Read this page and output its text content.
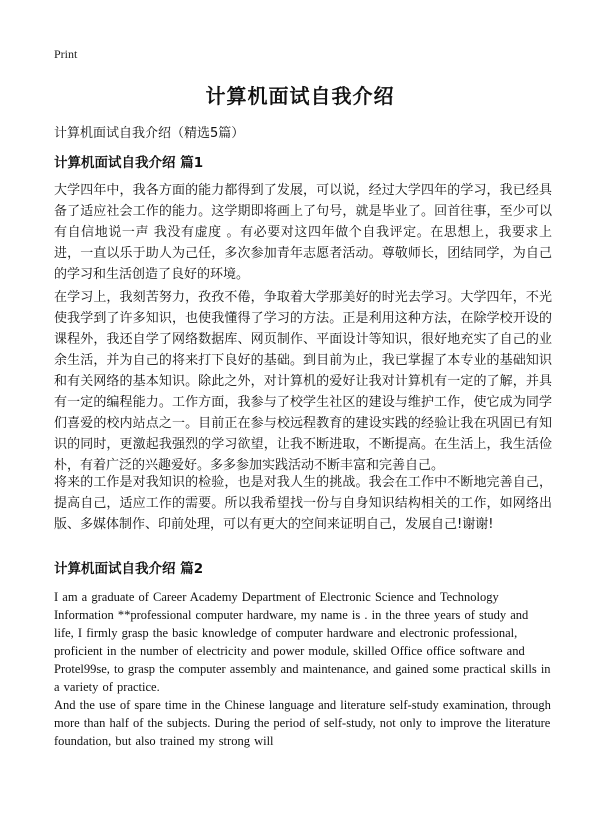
Print
计算机面试自我介绍

计算机面试自我介绍（精选5篇）

计算机面试自我介绍 篇1

大学四年中，我各方面的能力都得到了发展，可以说，经过大学四年的学习，我已经具备了适应社会工作的能力。这学期即将画上了句号，就是毕业了。回首往事，至少可以有自信地说一声 我没有虚度 。有必要对这四年做个自我评定。在思想上，我要求上进，一直以乐于助人为己任，多次参加青年志愿者活动。尊敬师长，团结同学，为自己的学习和生活创造了良好的环境。

在学习上，我刻苦努力，孜孜不倦，争取着大学那美好的时光去学习。大学四年，不光使我学到了许多知识，也使我懂得了学习的方法。正是利用这种方法，在除学校开设的课程外，我还自学了网络数据库、网页制作、平面设计等知识，很好地充实了自己的业余生活，并为自己的将来打下良好的基础。到目前为止，我已掌握了本专业的基础知识和有关网络的基本知识。除此之外，对计算机的爱好让我对计算机有一定的了解，并具有一定的编程能力。工作方面，我参与了校学生社区的建设与维护工作，使它成为同学们喜爱的校内站点之一。目前正在参与校远程教育的建设实践的经验让我在巩固已有知识的同时，更激起我强烈的学习欲望，让我不断进取，不断提高。在生活上，我生活俭朴，有着广泛的兴趣爱好。多多参加实践活动不断丰富和完善自己。

将来的工作是对我知识的检验，也是对我人生的挑战。我会在工作中不断地完善自己，提高自己，适应工作的需要。所以我希望找一份与自身知识结构相关的工作，如网络出版、多媒体制作、印前处理，可以有更大的空间来证明自己，发展自己!谢谢!

计算机面试自我介绍 篇2

I am a graduate of Career Academy Department of Electronic Science and Technology Information **professional computer hardware, my name is . in the three years of study and life, I firmly grasp the basic knowledge of computer hardware and electronic professional, proficient in the number of electricity and power module, skilled Office office software and Protel99se, to grasp the computer assembly and maintenance, and gained some practical skills in a variety of practice.

And the use of spare time in the Chinese language and literature self-study examination, through more than half of the subjects. During the period of self-study, not only to improve the literature foundation, but also trained my strong will
